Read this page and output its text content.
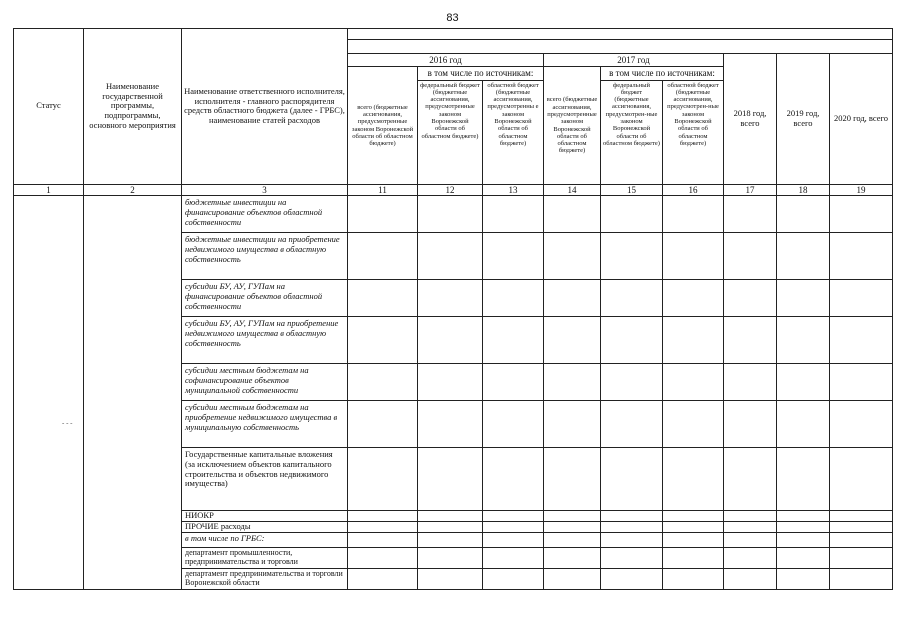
83
Статус	Наименование государственной программы, подпрограммы, основного мероприятия	Наименование ответственного исполнителя, исполнителя - главного распорядителя средств областного бюджета (далее - ГРБС), наименование статей расходов									

			2016 год			2017 год			2018 год, всего	2019 год, всего	2020 год, всего
			всего (бюджетные ассигнования, предусмотренные законом Воронежской области об областном бюджете)	в том числе по источникам:		всего (бюджетные ассигнования, предусмотренные законом Воронежской области об областном бюджете)	в том числе по источникам:				
				федеральный бюджет (бюджетные ассигнования, предусмотренные законом Воронежской области об областном бюджете)	областной бюджет (бюджетные ассигнования, предусмотренны е законом Воронежской области об областном бюджете)		федеральный бюджет (бюджетные ассигнования, предусмотрен-ные законом Воронежской области об областном бюджете)	областной бюджет (бюджетные ассигнования, предусмотрен-ные законом Воронежской области об областном бюджете)			
1	2	3	11	12	13	14	15	16	17	18	19
		бюджетные инвестиции на финансирование объектов областной собственности									
		бюджетные инвестиции на приобретение недвижимого имущества в областную собственность									
		субсидии БУ, АУ, ГУПам на финансирование объектов областной собственности									
		субсидии БУ, АУ, ГУПам на приобретение недвижимого имущества в областную собственность									
		субсидии местным бюджетам на софинансирование объектов муниципальной собственности									
		субсидии местным бюджетам на приобретение недвижимого имущества в муниципальную собственность									
		Государственные капитальные вложения (за исключением объектов капитального строительства и объектов недвижимого имущества)									
		НИОКР									
		ПРОЧИЕ расходы									
		в том числе по ГРБС:									
		департамент промышленности, предпринимательства и торговли									
		департамент предпринимательства и торговли Воронежской области									
- - -
